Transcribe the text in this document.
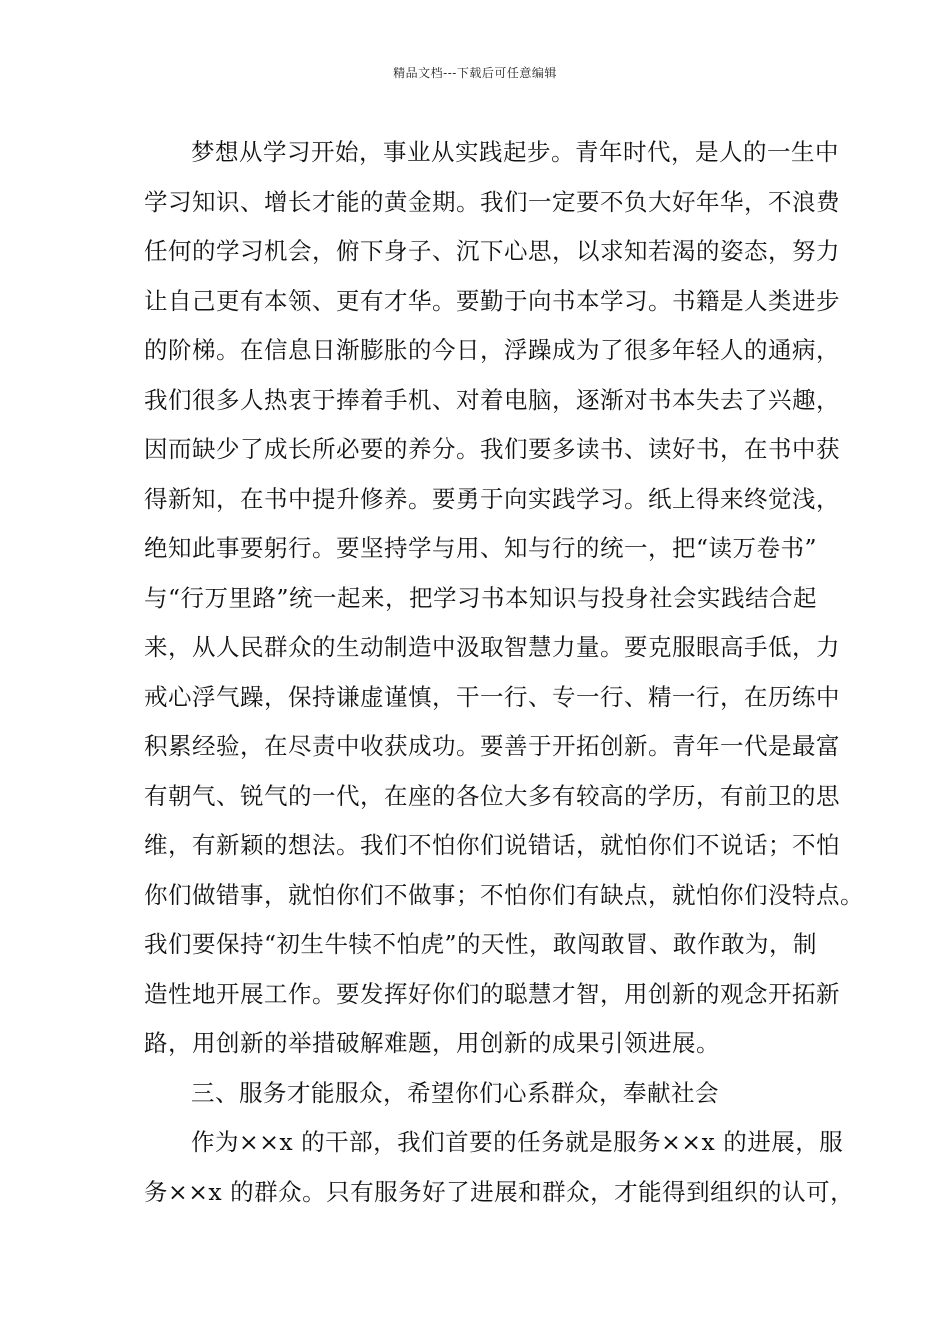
精品文档---下载后可任意编辑
梦想从学习开始，事业从实践起步。青年时代，是人的一生中
学习知识、增长才能的黄金期。我们一定要不负大好年华，不浪费
任何的学习机会，俯下身子、沉下心思，以求知若渴的姿态，努力
让自己更有本领、更有才华。要勤于向书本学习。书籍是人类进步
的阶梯。在信息日渐膨胀的今日，浮躁成为了很多年轻人的通病，
我们很多人热衷于捧着手机、对着电脑，逐渐对书本失去了兴趣，
因而缺少了成长所必要的养分。我们要多读书、读好书，在书中获
得新知，在书中提升修养。要勇于向实践学习。纸上得来终觉浅，
绝知此事要躬行。要坚持学与用、知与行的统一，把“读万卷书”
与“行万里路”统一起来，把学习书本知识与投身社会实践结合起
来，从人民群众的生动制造中汲取智慧力量。要克服眼高手低，力
戒心浮气躁，保持谦虚谨慎，干一行、专一行、精一行，在历练中
积累经验，在尽责中收获成功。要善于开拓创新。青年一代是最富
有朝气、锐气的一代，在座的各位大多有较高的学历，有前卫的思
维，有新颖的想法。我们不怕你们说错话，就怕你们不说话；不怕
你们做错事，就怕你们不做事；不怕你们有缺点，就怕你们没特点。
我们要保持“初生牛犊不怕虎”的天性，敢闯敢冒、敢作敢为，制
造性地开展工作。要发挥好你们的聪慧才智，用创新的观念开拓新
路，用创新的举措破解难题，用创新的成果引领进展。
三、服务才能服众，希望你们心系群众，奉献社会
作为××x 的干部，我们首要的任务就是服务××x 的进展，服
务××x 的群众。只有服务好了进展和群众，才能得到组织的认可，
